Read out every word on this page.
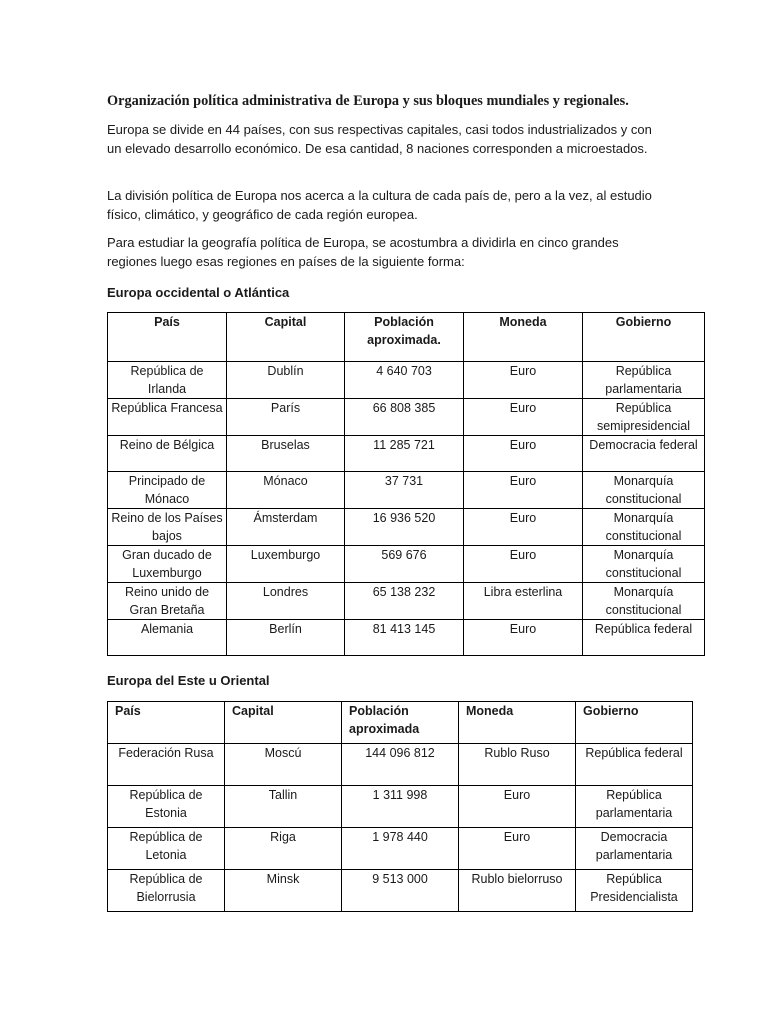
Organización política administrativa de Europa y sus bloques mundiales y regionales.

Europa se divide en 44 países, con sus respectivas capitales, casi todos industrializados y con un elevado desarrollo económico. De esa cantidad, 8 naciones corresponden a microestados.

La división política de Europa nos acerca a la cultura de cada país de, pero a la vez, al estudio físico, climático, y geográfico de cada región europea.

Para estudiar la geografía política de Europa, se acostumbra a dividirla en cinco grandes regiones luego esas regiones en países de la siguiente forma:

Europa occidental o Atlántica
País	Capital	Población aproximada.	Moneda	Gobierno
República de Irlanda	Dublín	4 640 703	Euro	República parlamentaria
República Francesa	París	66 808 385	Euro	República semipresidencial
Reino de Bélgica	Bruselas	11 285 721	Euro	Democracia federal
Principado de Mónaco	Mónaco	37 731	Euro	Monarquía constitucional
Reino de los Países bajos	Ámsterdam	16 936 520	Euro	Monarquía constitucional
Gran ducado de Luxemburgo	Luxemburgo	569 676	Euro	Monarquía constitucional
Reino unido de Gran Bretaña	Londres	65 138 232	Libra esterlina	Monarquía constitucional
Alemania	Berlín	81 413 145	Euro	República federal
Europa del Este u Oriental
País	Capital	Población aproximada	Moneda	Gobierno
Federación Rusa	Moscú	144 096 812	Rublo Ruso	República federal
República de Estonia	Tallin	1 311 998	Euro	República parlamentaria
República de Letonia	Riga	1 978 440	Euro	Democracia parlamentaria
República de Bielorrusia	Minsk	9 513 000	Rublo bielorruso	República Presidencialista
